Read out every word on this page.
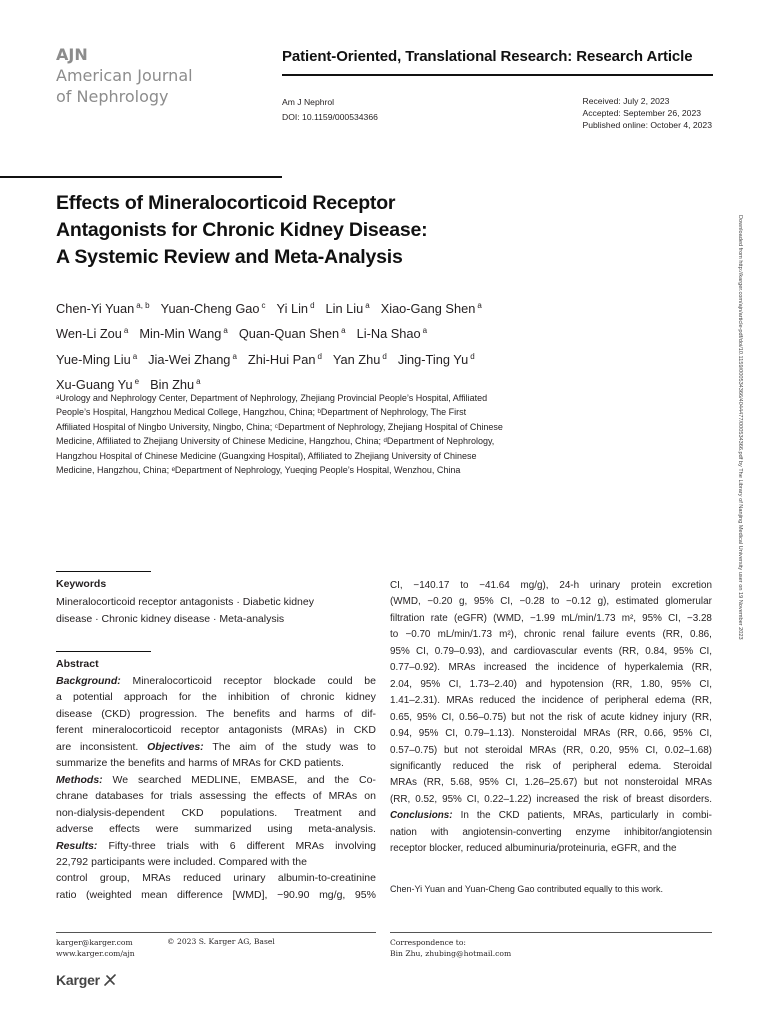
AJN
American Journal
of Nephrology
Patient-Oriented, Translational Research: Research Article
Am J Nephrol
DOI: 10.1159/000534366
Received: July 2, 2023
Accepted: September 26, 2023
Published online: October 4, 2023
Effects of Mineralocorticoid Receptor
Antagonists for Chronic Kidney Disease:
A Systemic Review and Meta-Analysis	Downloaded from http://karger.com/ajn/article-pdf/doi/10.1159/000534366/4044477/000534366.pdf by The Library of Nanjing Medical University user on 19 November 2023
Chen-Yi Yuan $^{a, b}$ Yuan-Cheng Gao $^c$ Yi Lin $^d$ Lin Liu $^a$ Xiao-Gang Shen $^a$
Wen-Li Zou $^a$ Min-Min Wang $^a$ Quan-Quan Shen $^a$ Li-Na Shao $^a$
Yue-Ming Liu $^a$ Jia-Wei Zhang $^a$ Zhi-Hui Pan $^d$ Yan Zhu $^d$ Jing-Ting Yu $^d$
Xu-Guang Yu $^e$ Bin Zhu $^a$
ᵃUrology and Nephrology Center, Department of Nephrology, Zhejiang Provincial People’s Hospital, Affiliated
People’s Hospital, Hangzhou Medical College, Hangzhou, China; ᵇDepartment of Nephrology, The First
Affiliated Hospital of Ningbo University, Ningbo, China; ᶜDepartment of Nephrology, Zhejiang Hospital of Chinese
Medicine, Affiliated to Zhejiang University of Chinese Medicine, Hangzhou, China; ᵈDepartment of Nephrology,
Hangzhou Hospital of Chinese Medicine (Guangxing Hospital), Affiliated to Zhejiang University of Chinese
Medicine, Hangzhou, China; ᵉDepartment of Nephrology, Yueqing People’s Hospital, Wenzhou, China
Keywords
Mineralocorticoid receptor antagonists · Diabetic kidney
disease · Chronic kidney disease · Meta-analysis
Abstract
Background: Mineralocorticoid receptor blockade could be
a potential approach for the inhibition of chronic kidney
disease (CKD) progression. The benefits and harms of dif-
ferent mineralocorticoid receptor antagonists (MRAs) in CKD
are inconsistent. Objectives: The aim of the study was to
summarize the benefits and harms of MRAs for CKD patients.
Methods: We searched MEDLINE, EMBASE, and the Co-
chrane databases for trials assessing the effects of MRAs on
non-dialysis-dependent CKD populations. Treatment and
adverse effects were summarized using meta-analysis.
Results: Fifty-three trials with 6 different MRAs involving
22,792 participants were included. Compared with the
control group, MRAs reduced urinary albumin-to-creatinine
ratio (weighted mean difference [WMD], −90.90 mg/g, 95%
CI, −140.17 to −41.64 mg/g), 24-h urinary protein excretion
(WMD, −0.20 g, 95% CI, −0.28 to −0.12 g), estimated glomerular
filtration rate (eGFR) (WMD, −1.99 mL/min/1.73 m², 95% CI, −3.28
to −0.70 mL/min/1.73 m²), chronic renal failure events (RR, 0.86,
95% CI, 0.79–0.93), and cardiovascular events (RR, 0.84, 95% CI,
0.77–0.92). MRAs increased the incidence of hyperkalemia (RR,
2.04, 95% CI, 1.73–2.40) and hypotension (RR, 1.80, 95% CI,
1.41–2.31). MRAs reduced the incidence of peripheral edema (RR,
0.65, 95% CI, 0.56–0.75) but not the risk of acute kidney injury (RR,
0.94, 95% CI, 0.79–1.13). Nonsteroidal MRAs (RR, 0.66, 95% CI,
0.57–0.75) but not steroidal MRAs (RR, 0.20, 95% CI, 0.02–1.68)
significantly reduced the risk of peripheral edema. Steroidal
MRAs (RR, 5.68, 95% CI, 1.26–25.67) but not nonsteroidal MRAs
(RR, 0.52, 95% CI, 0.22–1.22) increased the risk of breast disorders.
Conclusions: In the CKD patients, MRAs, particularly in combi-
nation with angiotensin-converting enzyme inhibitor/angiotensin
receptor blocker, reduced albuminuria/proteinuria, eGFR, and the
Chen-Yi Yuan and Yuan-Cheng Gao contributed equally to this work.
karger@karger.com
www.karger.com/ajn
© 2023 S. Karger AG, Basel	Correspondence to:
Bin Zhu, zhubing@hotmail.com
Karger
